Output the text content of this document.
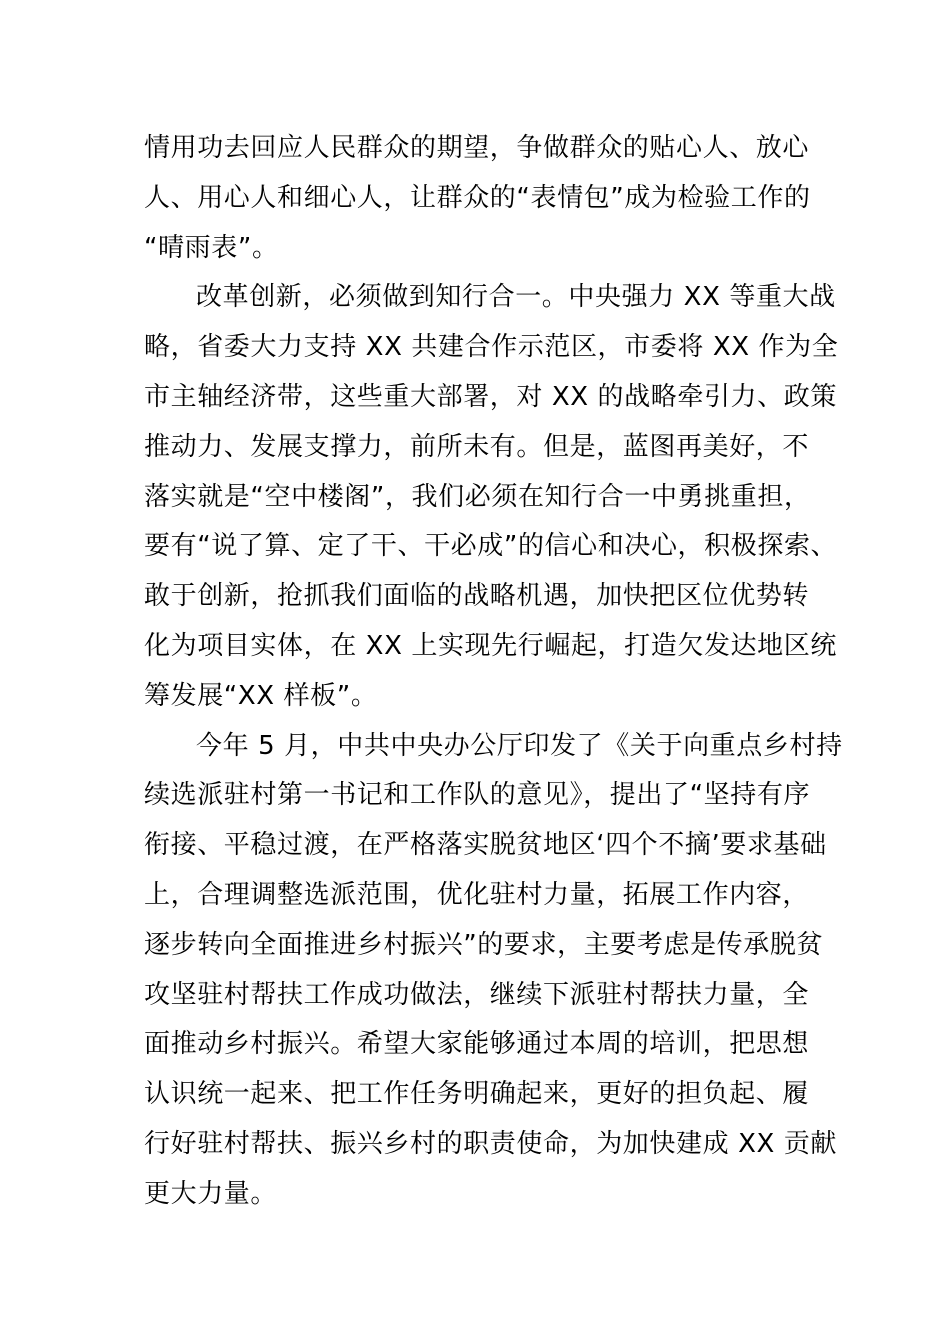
情用功去回应人民群众的期望，争做群众的贴心人、放心
人、用心人和细心人，让群众的“表情包”成为检验工作的
“晴雨表”。
改革创新，必须做到知行合一。中央强力 XX 等重大战
略，省委大力支持 XX 共建合作示范区，市委将 XX 作为全
市主轴经济带，这些重大部署，对 XX 的战略牵引力、政策
推动力、发展支撑力，前所未有。但是，蓝图再美好，不
落实就是“空中楼阁”，我们必须在知行合一中勇挑重担，
要有“说了算、定了干、干必成”的信心和决心，积极探索、
敢于创新，抢抓我们面临的战略机遇，加快把区位优势转
化为项目实体，在 XX 上实现先行崛起，打造欠发达地区统
筹发展“XX 样板”。
今年 5 月，中共中央办公厅印发了《关于向重点乡村持
续选派驻村第一书记和工作队的意见》，提出了“坚持有序
衔接、平稳过渡，在严格落实脱贫地区‘四个不摘’要求基础
上，合理调整选派范围，优化驻村力量，拓展工作内容，
逐步转向全面推进乡村振兴”的要求，主要考虑是传承脱贫
攻坚驻村帮扶工作成功做法，继续下派驻村帮扶力量，全
面推动乡村振兴。希望大家能够通过本周的培训，把思想
认识统一起来、把工作任务明确起来，更好的担负起、履
行好驻村帮扶、振兴乡村的职责使命，为加快建成 XX 贡献
更大力量。
